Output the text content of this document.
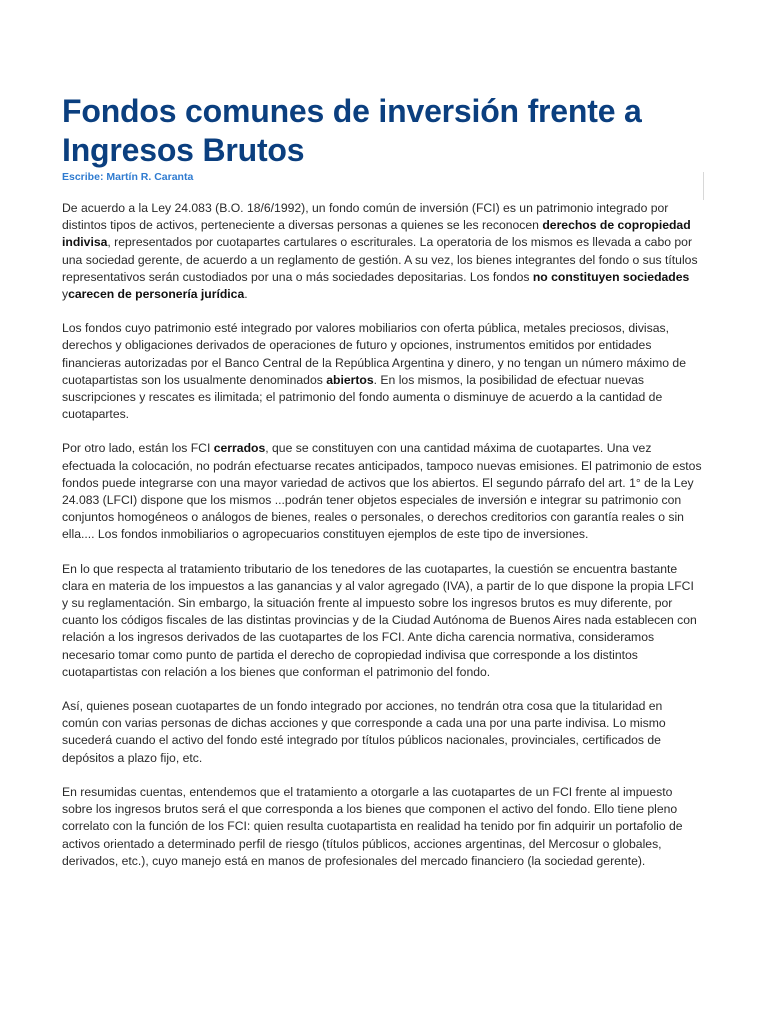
Fondos comunes de inversión frente a Ingresos Brutos
Escribe: Martín R. Caranta

De acuerdo a la Ley 24.083 (B.O. 18/6/1992), un fondo común de inversión (FCI) es un patrimonio integrado por distintos tipos de activos, perteneciente a diversas personas a quienes se les reconocen derechos de copropiedad indivisa, representados por cuotapartes cartulares o escriturales. La operatoria de los mismos es llevada a cabo por una sociedad gerente, de acuerdo a un reglamento de gestión. A su vez, los bienes integrantes del fondo o sus títulos representativos serán custodiados por una o más sociedades depositarias. Los fondos no constituyen sociedades ycarecen de personería jurídica.

Los fondos cuyo patrimonio esté integrado por valores mobiliarios con oferta pública, metales preciosos, divisas, derechos y obligaciones derivados de operaciones de futuro y opciones, instrumentos emitidos por entidades financieras autorizadas por el Banco Central de la República Argentina y dinero, y no tengan un número máximo de cuotapartistas son los usualmente denominados abiertos. En los mismos, la posibilidad de efectuar nuevas suscripciones y rescates es ilimitada; el patrimonio del fondo aumenta o disminuye de acuerdo a la cantidad de cuotapartes.

Por otro lado, están los FCI cerrados, que se constituyen con una cantidad máxima de cuotapartes. Una vez efectuada la colocación, no podrán efectuarse recates anticipados, tampoco nuevas emisiones. El patrimonio de estos fondos puede integrarse con una mayor variedad de activos que los abiertos. El segundo párrafo del art. 1° de la Ley 24.083 (LFCI) dispone que los mismos ...podrán tener objetos especiales de inversión e integrar su patrimonio con conjuntos homogéneos o análogos de bienes, reales o personales, o derechos creditorios con garantía reales o sin ella.... Los fondos inmobiliarios o agropecuarios constituyen ejemplos de este tipo de inversiones.

En lo que respecta al tratamiento tributario de los tenedores de las cuotapartes, la cuestión se encuentra bastante clara en materia de los impuestos a las ganancias y al valor agregado (IVA), a partir de lo que dispone la propia LFCI y su reglamentación. Sin embargo, la situación frente al impuesto sobre los ingresos brutos es muy diferente, por cuanto los códigos fiscales de las distintas provincias y de la Ciudad Autónoma de Buenos Aires nada establecen con relación a los ingresos derivados de las cuotapartes de los FCI. Ante dicha carencia normativa, consideramos necesario tomar como punto de partida el derecho de copropiedad indivisa que corresponde a los distintos cuotapartistas con relación a los bienes que conforman el patrimonio del fondo.

Así, quienes posean cuotapartes de un fondo integrado por acciones, no tendrán otra cosa que la titularidad en común con varias personas de dichas acciones y que corresponde a cada una por una parte indivisa. Lo mismo sucederá cuando el activo del fondo esté integrado por títulos públicos nacionales, provinciales, certificados de depósitos a plazo fijo, etc.

En resumidas cuentas, entendemos que el tratamiento a otorgarle a las cuotapartes de un FCI frente al impuesto sobre los ingresos brutos será el que corresponda a los bienes que componen el activo del fondo. Ello tiene pleno correlato con la función de los FCI: quien resulta cuotapartista en realidad ha tenido por fin adquirir un portafolio de activos orientado a determinado perfil de riesgo (títulos públicos, acciones argentinas, del Mercosur o globales, derivados, etc.), cuyo manejo está en manos de profesionales del mercado financiero (la sociedad gerente).
